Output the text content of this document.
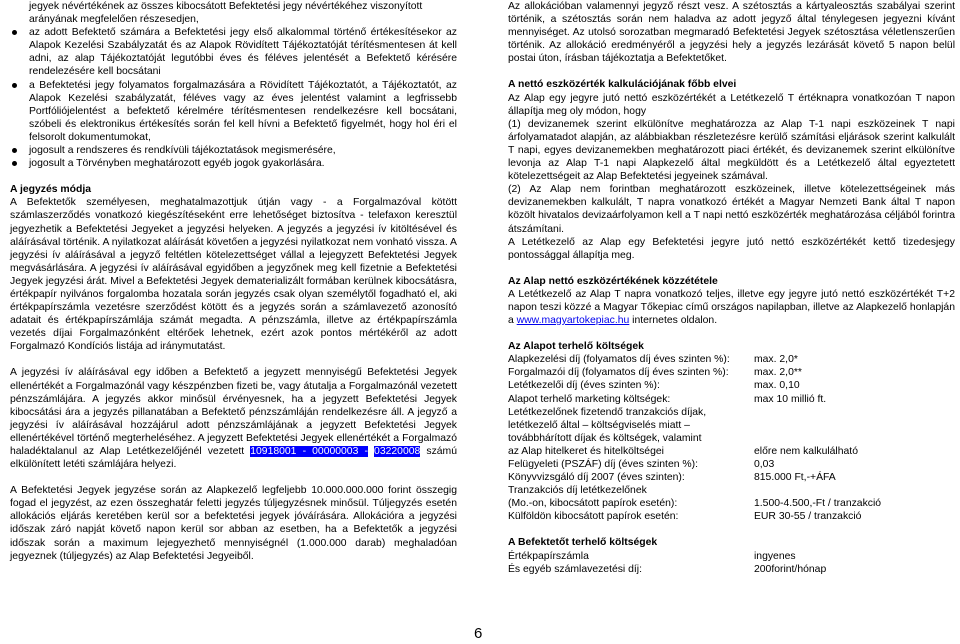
jegyek névértékének az összes kibocsátott Befektetési jegy névértékéhez viszonyított
arányának megfelelően részesedjen,
az adott Befektető számára a Befektetési jegy első alkalommal történő értékesítésekor az Alapok Kezelési Szabályzatát és az Alapok Rövidített Tájékoztatóját térítésmentesen át kell adni, az alap Tájékoztatóját legutóbbi éves és féléves jelentését a Befektető kérésére rendelezésére kell bocsátani
a Befektetési jegy folyamatos forgalmazására a Rövidített Tájékoztatót, a Tájékoztatót, az Alapok Kezelési szabályzatát, féléves vagy az éves jelentést valamint a legfrissebb Portfóliójelentést a befektető kérelmére térítésmentesen rendelkezésre kell bocsátani, szóbeli és elektronikus értékesítés során fel kell hívni a Befektető figyelmét, hogy hol éri el felsorolt dokumentumokat,
jogosult a rendszeres és rendkívüli tájékoztatások megismerésére,
jogosult a Törvényben meghatározott egyéb jogok gyakorlására.
A jegyzés módja

A Befektetők személyesen, meghatalmazottjuk útján vagy - a Forgalmazóval kötött számlaszerződés vonatkozó kiegészítéseként erre lehetőséget biztosítva - telefaxon keresztül jegyezhetik a Befektetési Jegyeket a jegyzési helyeken. A jegyzés a jegyzési ív kitöltésével és aláírásával történik. A nyilatkozat aláírását követően a jegyzési nyilatkozat nem vonható vissza. A jegyzési ív aláírásával a jegyző feltétlen kötelezettséget vállal a lejegyzett Befektetési Jegyek megvásárlására. A jegyzési ív aláírásával egyidőben a jegyzőnek meg kell fizetnie a Befektetési Jegyek jegyzési árát. Mivel a Befektetési Jegyek dematerializált formában kerülnek kibocsátásra, értékpapír nyilvános forgalomba hozatala során jegyzés csak olyan személytől fogadható el, aki értékpapírszámla vezetésre szerződést kötött és a jegyzés során a számlavezető azonosító adatait és értékpapírszámlája számát megadta. A pénzszámla, illetve az értékpapírszámla vezetés díjai Forgalmazónként eltérőek lehetnek, ezért azok pontos mértékéről az adott Forgalmazó Kondíciós listája ad iránymutatást.

A jegyzési ív aláírásával egy időben a Befektető a jegyzett mennyiségű Befektetési Jegyek ellenértékét a Forgalmazónál vagy készpénzben fizeti be, vagy átutalja a Forgalmazónál vezetett pénzszámlájára. A jegyzés akkor minősül érvényesnek, ha a jegyzett Befektetési Jegyek kibocsátási ára a jegyzés pillanatában a Befektető pénzszámláján rendelkezésre áll. A jegyző a jegyzési ív aláírásával hozzájárul adott pénzszámlájának a jegyzett Befektetési Jegyek ellenértékével történő megterheléséhez. A jegyzett Befektetési Jegyek ellenértékét a Forgalmazó haladéktalanul az Alap Letétkezelőjénél vezetett 10918001 - 00000003 - 03220008 számú elkülönített letéti számlájára helyezi.

A Befektetési Jegyek jegyzése során az Alapkezelő legfeljebb 10.000.000.000 forint összegig fogad el jegyzést, az ezen összeghatár feletti jegyzés túljegyzésnek minősül. Túljegyzés esetén allokációs eljárás keretében kerül sor a befektetési jegyek jóváírására. Allokációra a jegyzési időszak záró napját követő napon kerül sor abban az esetben, ha a Befektetők a jegyzési időszak során a maximum lejegyezhető mennyiségnél (1.000.000 darab) meghaladóan jegyeznek (túljegyzés) az Alap Befektetési Jegyeiből.

Az allokációban valamennyi jegyző részt vesz. A szétosztás a kártyaleosztás szabályai szerint történik, a szétosztás során nem haladva az adott jegyző által ténylegesen jegyezni kívánt mennyiséget. Az utolsó sorozatban megmaradó Befektetési Jegyek szétosztása véletlenszerűen történik. Az allokáció eredményéről a jegyzési hely a jegyzés lezárását követő 5 napon belül postai úton, írásban tájékoztatja a Befektetőket.

A nettó eszközérték kalkulációjának főbb elvei

Az Alap egy jegyre jutó nettó eszközértékét a Letétkezelő T értéknapra vonatkozóan T napon állapítja meg oly módon, hogy

(1) devizanemek szerint elkülönítve meghatározza az Alap T-1 napi eszközeinek T napi árfolyamatadot alapján, az alábbiakban részletezésre kerülő számítási eljárások szerint kalkulált T napi, egyes devizanemekben meghatározott piaci értékét, és devizanemek szerint elkülönítve levonja az Alap T-1 napi Alapkezelő által megküldött és a Letétkezelő által egyeztetett kötelezettségeit az Alap Befektetési jegyeinek számával.

(2) Az Alap nem forintban meghatározott eszközeinek, illetve kötelezettségeinek más devizanemekben kalkulált, T napra vonatkozó értékét a Magyar Nemzeti Bank által T napon közölt hivatalos devizaárfolyamon kell a T napi nettó eszközérték meghatározása céljából forintra átszámítani.

A Letétkezelő az Alap egy Befektetési jegyre jutó nettó eszközértékét kettő tizedesjegy pontossággal állapítja meg.

Az Alap nettó eszközértékének közzététele

A Letétkezelő az Alap T napra vonatkozó teljes, illetve egy jegyre jutó nettó eszközértékét T+2 napon teszi közzé a Magyar Tőkepiac című országos napilapban, illetve az Alapkezelő honlapján a www.magyartokepiac.hu internetes oldalon.

Az Alapot terhelő költségek
Alapkezelési díj (folyamatos díj éves szinten %):	max. 2,0*
Forgalmazói díj (folyamatos díj éves szinten %):	max. 2,0**
Letétkezelői díj (éves szinten %):	max. 0,10
Alapot terhelő marketing költségek:	max 10 millió ft.
Letétkezelőnek fizetendő tranzakciós díjak,
letétkezelő által – költségviselés miatt –
továbbhárított díjak és költségek, valamint
az Alap hitelkeret és hitelköltségei	előre nem kalkulálható
Felügyeleti (PSZÁF) díj (éves szinten %):	0,03
Könyvvizsgáló díj 2007 (éves szinten):	815.000 Ft,-+ÁFA
Tranzakciós díj letétkezelőnek
(Mo.-on, kibocsátott papírok esetén):	1.500-4.500,-Ft / tranzakció
Külföldön kibocsátott papírok esetén:	EUR 30-55 / tranzakció
A Befektetőt terhelő költségek
Értékpapírszámla	ingyenes
És egyéb számlavezetési díj:	200forint/hónap
6
